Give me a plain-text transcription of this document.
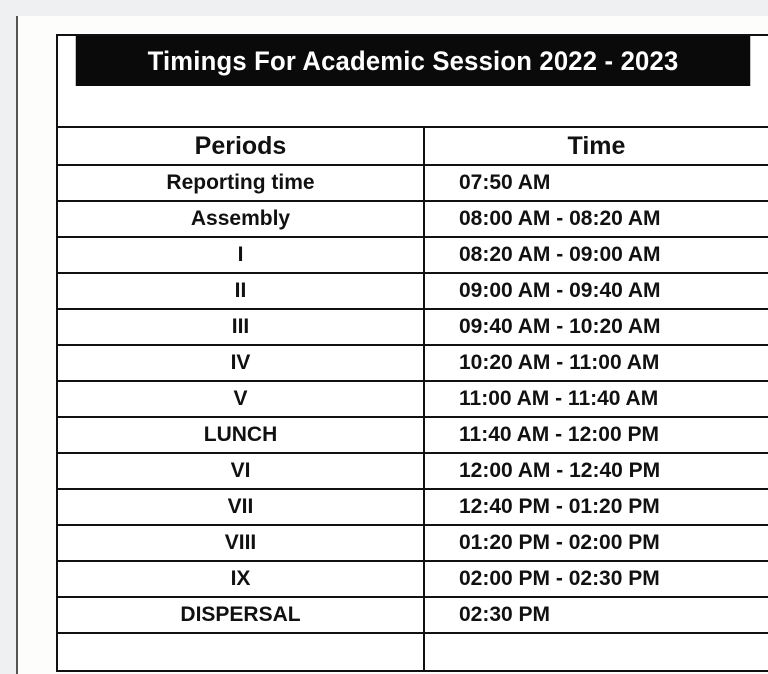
Timings For Academic Session 2022 - 2023
Periods	Time
Reporting time	07:50 AM
Assembly	08:00 AM - 08:20 AM
I	08:20 AM - 09:00 AM
II	09:00 AM - 09:40 AM
III	09:40 AM - 10:20 AM
IV	10:20 AM - 11:00 AM
V	11:00 AM - 11:40 AM
LUNCH	11:40 AM - 12:00 PM
VI	12:00 AM - 12:40 PM
VII	12:40 PM - 01:20 PM
VIII	01:20 PM - 02:00 PM
IX	02:00 PM - 02:30 PM
DISPERSAL	02:30 PM
